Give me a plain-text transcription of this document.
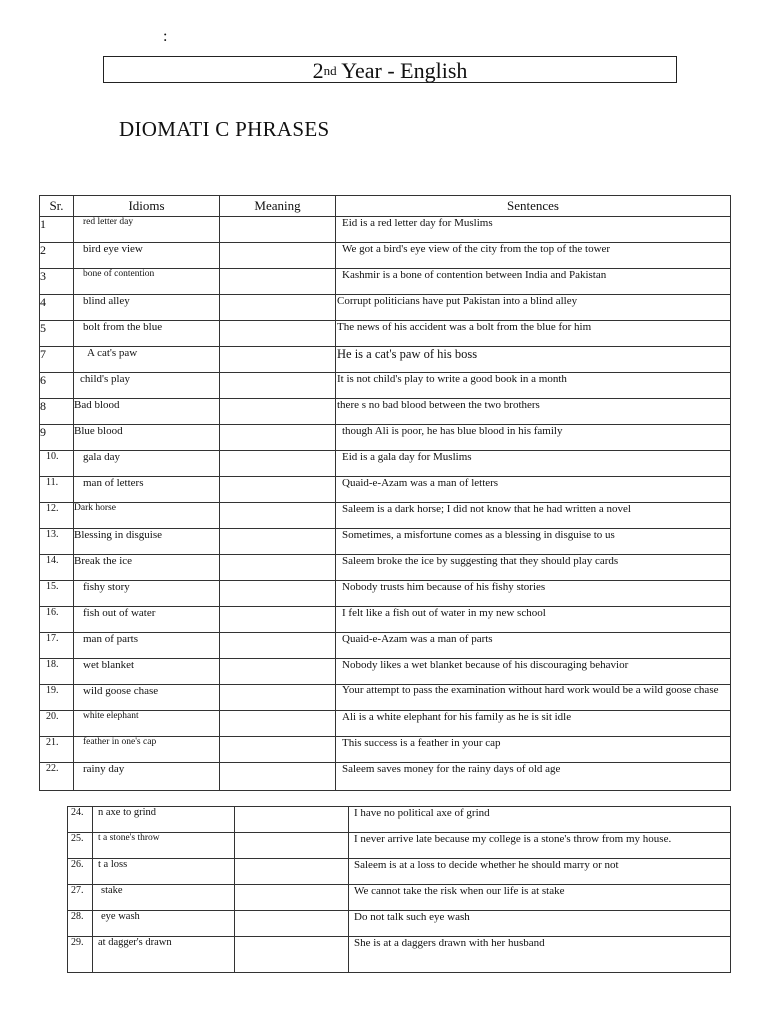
:
2nd Year - English
DIOMATI C PHRASES
Sr.	Idioms	Meaning	Sentences
1	red letter day		Eid is a red letter day for Muslims
2	bird eye view		We got a bird's eye view of the city from the top of the tower
3	bone of contention		Kashmir is a bone of contention between India and Pakistan
4	blind alley		Corrupt politicians have put Pakistan into a blind alley
5	bolt from the blue		The news of his accident was a bolt from the blue for him
7	A cat's paw		He is a cat's paw of his boss
6	child's play		It is not child's play to write a good book in a month
8	Bad blood		there s no bad blood between the two brothers
9	Blue blood		though Ali is poor, he has blue blood in his family
10.	gala day		Eid is a gala day for Muslims
11.	man of letters		Quaid-e-Azam was a man of letters
12.	Dark horse		Saleem is a dark horse; I did not know that he had written a novel
13.	Blessing in disguise		Sometimes, a misfortune comes as a blessing in disguise to us
14.	Break the ice		Saleem broke the ice by suggesting that they should play cards
15.	fishy story		Nobody trusts him because of his fishy stories
16.	fish out of water		I felt like a fish out of water in my new school
17.	man of parts		Quaid-e-Azam was a man of parts
18.	wet blanket		Nobody likes a wet blanket because of his discouraging behavior
19.	wild goose chase		Your attempt to pass the examination without hard work would be a wild goose chase
20.	white elephant		Ali is a white elephant for his family as he is sit idle
21.	feather in one's cap		This success is a feather in your cap
22.	rainy day		Saleem saves money for the rainy days of old age
24.	n axe to grind		I have no political axe of grind
25.	t a stone's throw		I never arrive late because my college is a stone's throw from my house.
26.	t a loss		Saleem is at a loss to decide whether he should marry or not
27.	stake		We cannot take the risk when our life is at stake
28.	eye wash		Do not talk such eye wash
29.	at dagger's drawn		She is at a daggers drawn with her husband
